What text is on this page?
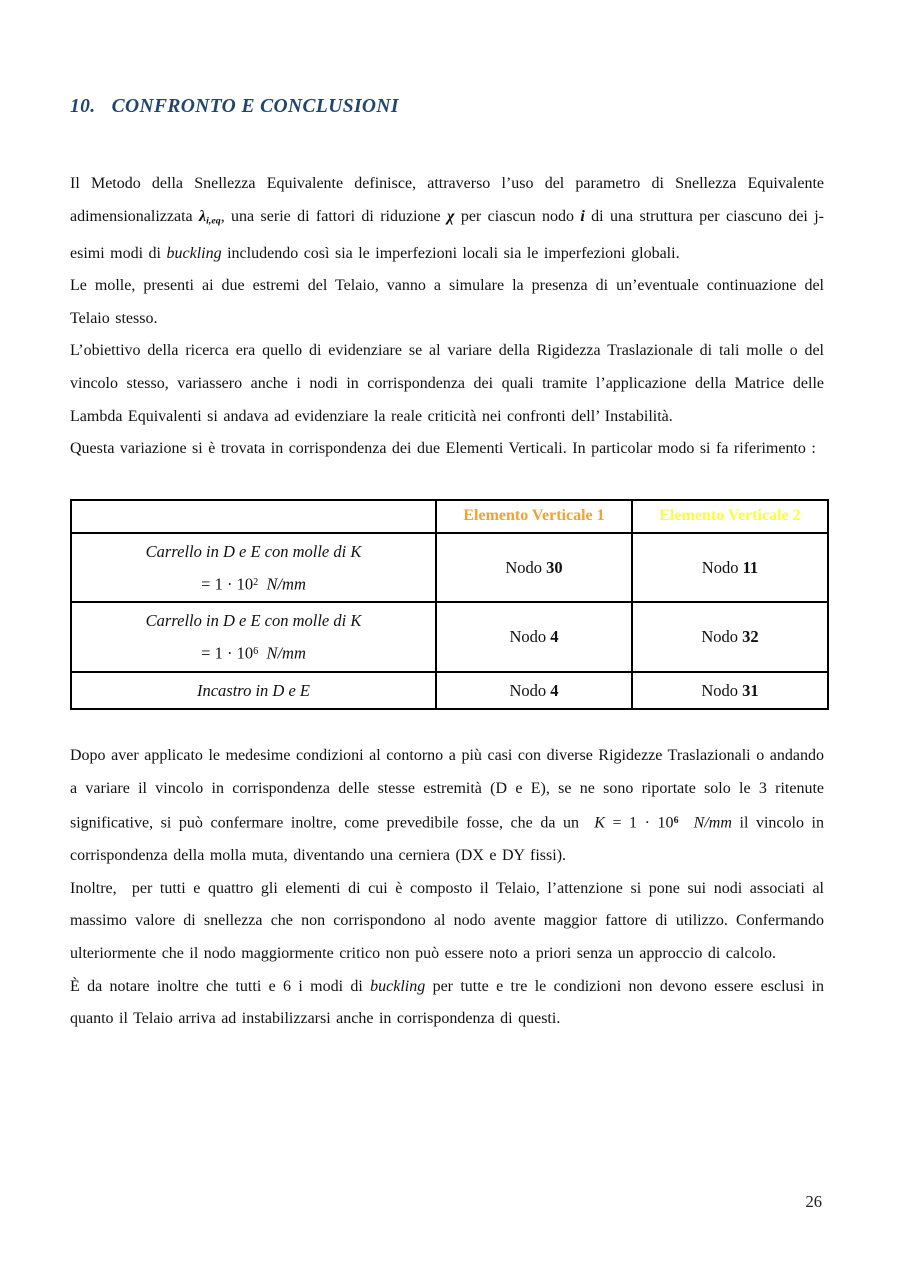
10. CONFRONTO E CONCLUSIONI

Il Metodo della Snellezza Equivalente definisce, attraverso l’uso del parametro di Snellezza Equivalente adimensionalizzata λi,eq, una serie di fattori di riduzione χ per ciascun nodo i di una struttura per ciascuno dei j-esimi modi di buckling includendo così sia le imperfezioni locali sia le imperfezioni globali.

Le molle, presenti ai due estremi del Telaio, vanno a simulare la presenza di un’eventuale continuazione del Telaio stesso.

L’obiettivo della ricerca era quello di evidenziare se al variare della Rigidezza Traslazionale di tali molle o del vincolo stesso, variassero anche i nodi in corrispondenza dei quali tramite l’applicazione della Matrice delle Lambda Equivalenti si andava ad evidenziare la reale criticità nei confronti dell’ Instabilità.

Questa variazione si è trovata in corrispondenza dei due Elementi Verticali. In particolar modo si fa riferimento :

	Elemento Verticale 1	Elemento Verticale 2

Carrello in D e E con molle di K
= $1 \cdot 10^2$  N/mm	Nodo 30	Nodo 11

Carrello in D e E con molle di K
= $1 \cdot 10^6$  N/mm	Nodo 4	Nodo 32
Incastro in D e E	Nodo 4	Nodo 31

Dopo aver applicato le medesime condizioni al contorno a più casi con diverse Rigidezze Traslazionali o andando a variare il vincolo in corrispondenza delle stesse estremità (D e E), se ne sono riportate solo le 3 ritenute significative, si può confermare inoltre, come prevedibile fosse, che da un  $K = 1 \cdot 10^6$  N/mm il vincolo in corrispondenza della molla muta, diventando una cerniera (DX e DY fissi).

Inoltre,  per tutti e quattro gli elementi di cui è composto il Telaio, l’attenzione si pone sui nodi associati al massimo valore di snellezza che non corrispondono al nodo avente maggior fattore di utilizzo. Confermando ulteriormente che il nodo maggiormente critico non può essere noto a priori senza un approccio di calcolo.

È da notare inoltre che tutti e 6 i modi di buckling per tutte e tre le condizioni non devono essere esclusi in quanto il Telaio arriva ad instabilizzarsi anche in corrispondenza di questi.

26
